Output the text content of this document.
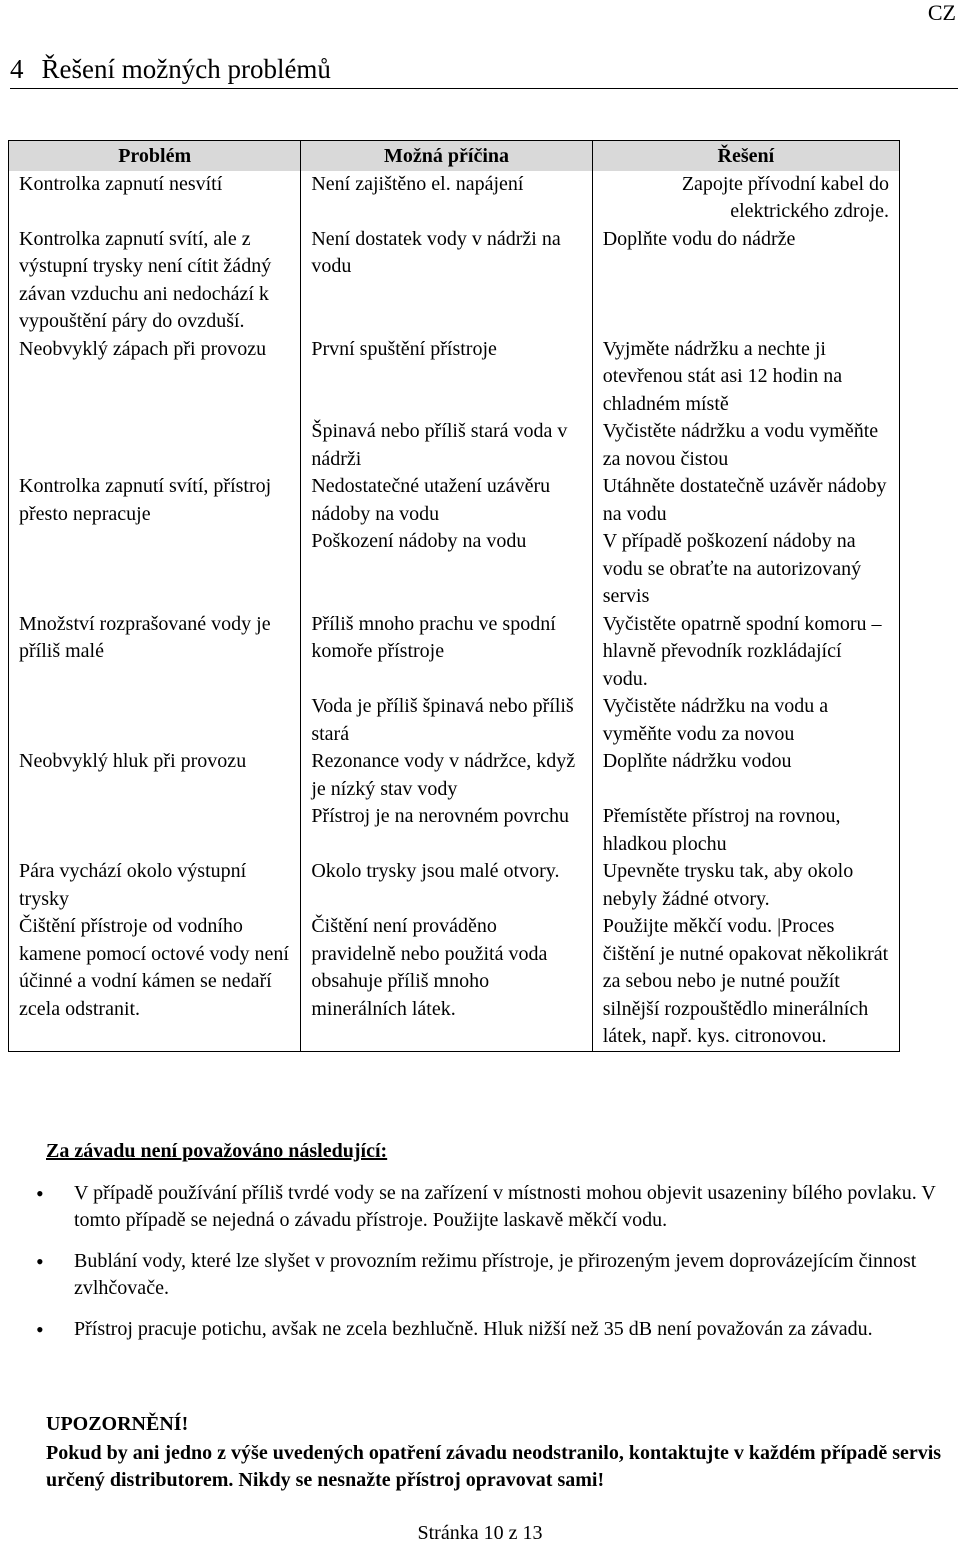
CZ
4 Řešení možných problémů
Problém	Možná příčina	Řešení
Kontrolka zapnutí nesvítí	Není zajištěno el. napájení	Zapojte přívodní kabel do elektrického zdroje.
Kontrolka zapnutí svítí, ale z výstupní trysky není cítit žádný závan vzduchu ani nedochází k vypouštění páry do ovzduší.	Není dostatek vody v nádrži na vodu	Doplňte vodu do nádrže
Neobvyklý zápach při provozu	První spuštění přístroje	Vyjměte nádržku a nechte ji otevřenou stát asi 12 hodin na chladném místě
	Špinavá nebo příliš stará voda v nádrži	Vyčistěte nádržku a vodu vyměňte za novou čistou
Kontrolka zapnutí svítí, přístroj přesto nepracuje	Nedostatečné utažení uzávěru nádoby na vodu	Utáhněte dostatečně uzávěr nádoby na vodu
	Poškození nádoby na vodu	V případě poškození nádoby na vodu se obraťte na autorizovaný servis
Množství rozprašované vody je příliš malé	Příliš mnoho prachu ve spodní komoře přístroje	Vyčistěte opatrně spodní komoru – hlavně převodník rozkládající vodu.
	Voda je příliš špinavá nebo příliš stará	Vyčistěte nádržku na vodu a vyměňte vodu za novou
Neobvyklý hluk při provozu	Rezonance vody v nádržce, když je nízký stav vody	Doplňte nádržku vodou
	Přístroj je na nerovném povrchu	Přemístěte přístroj na rovnou, hladkou plochu
Pára vychází okolo výstupní trysky	Okolo trysky jsou malé otvory.	Upevněte trysku tak, aby okolo nebyly žádné otvory.
Čištění přístroje od vodního kamene pomocí octové vody není účinné a vodní kámen se nedaří zcela odstranit.	Čištění není prováděno pravidelně nebo použitá voda obsahuje příliš mnoho minerálních látek.	Použijte měkčí vodu. |Proces čištění je nutné opakovat několikrát za sebou nebo je nutné použít silnější rozpouštědlo minerálních látek, např. kys. citronovou.
Za závadu není považováno následující:
• V případě používání příliš tvrdé vody se na zařízení v místnosti mohou objevit usazeniny bílého povlaku. V tomto případě se nejedná o závadu přístroje. Použijte laskavě měkčí vodu.
• Bublání vody, které lze slyšet v provozním režimu přístroje, je přirozeným jevem doprovázejícím činnost zvlhčovače.
• Přístroj pracuje potichu, avšak ne zcela bezhlučně. Hluk nižší než 35 dB není považován za závadu.
UPOZORNĚNÍ!
Pokud by ani jedno z výše uvedených opatření závadu neodstranilo, kontaktujte v každém případě servis určený distributorem. Nikdy se nesnažte přístroj opravovat sami!
Stránka 10 z 13
